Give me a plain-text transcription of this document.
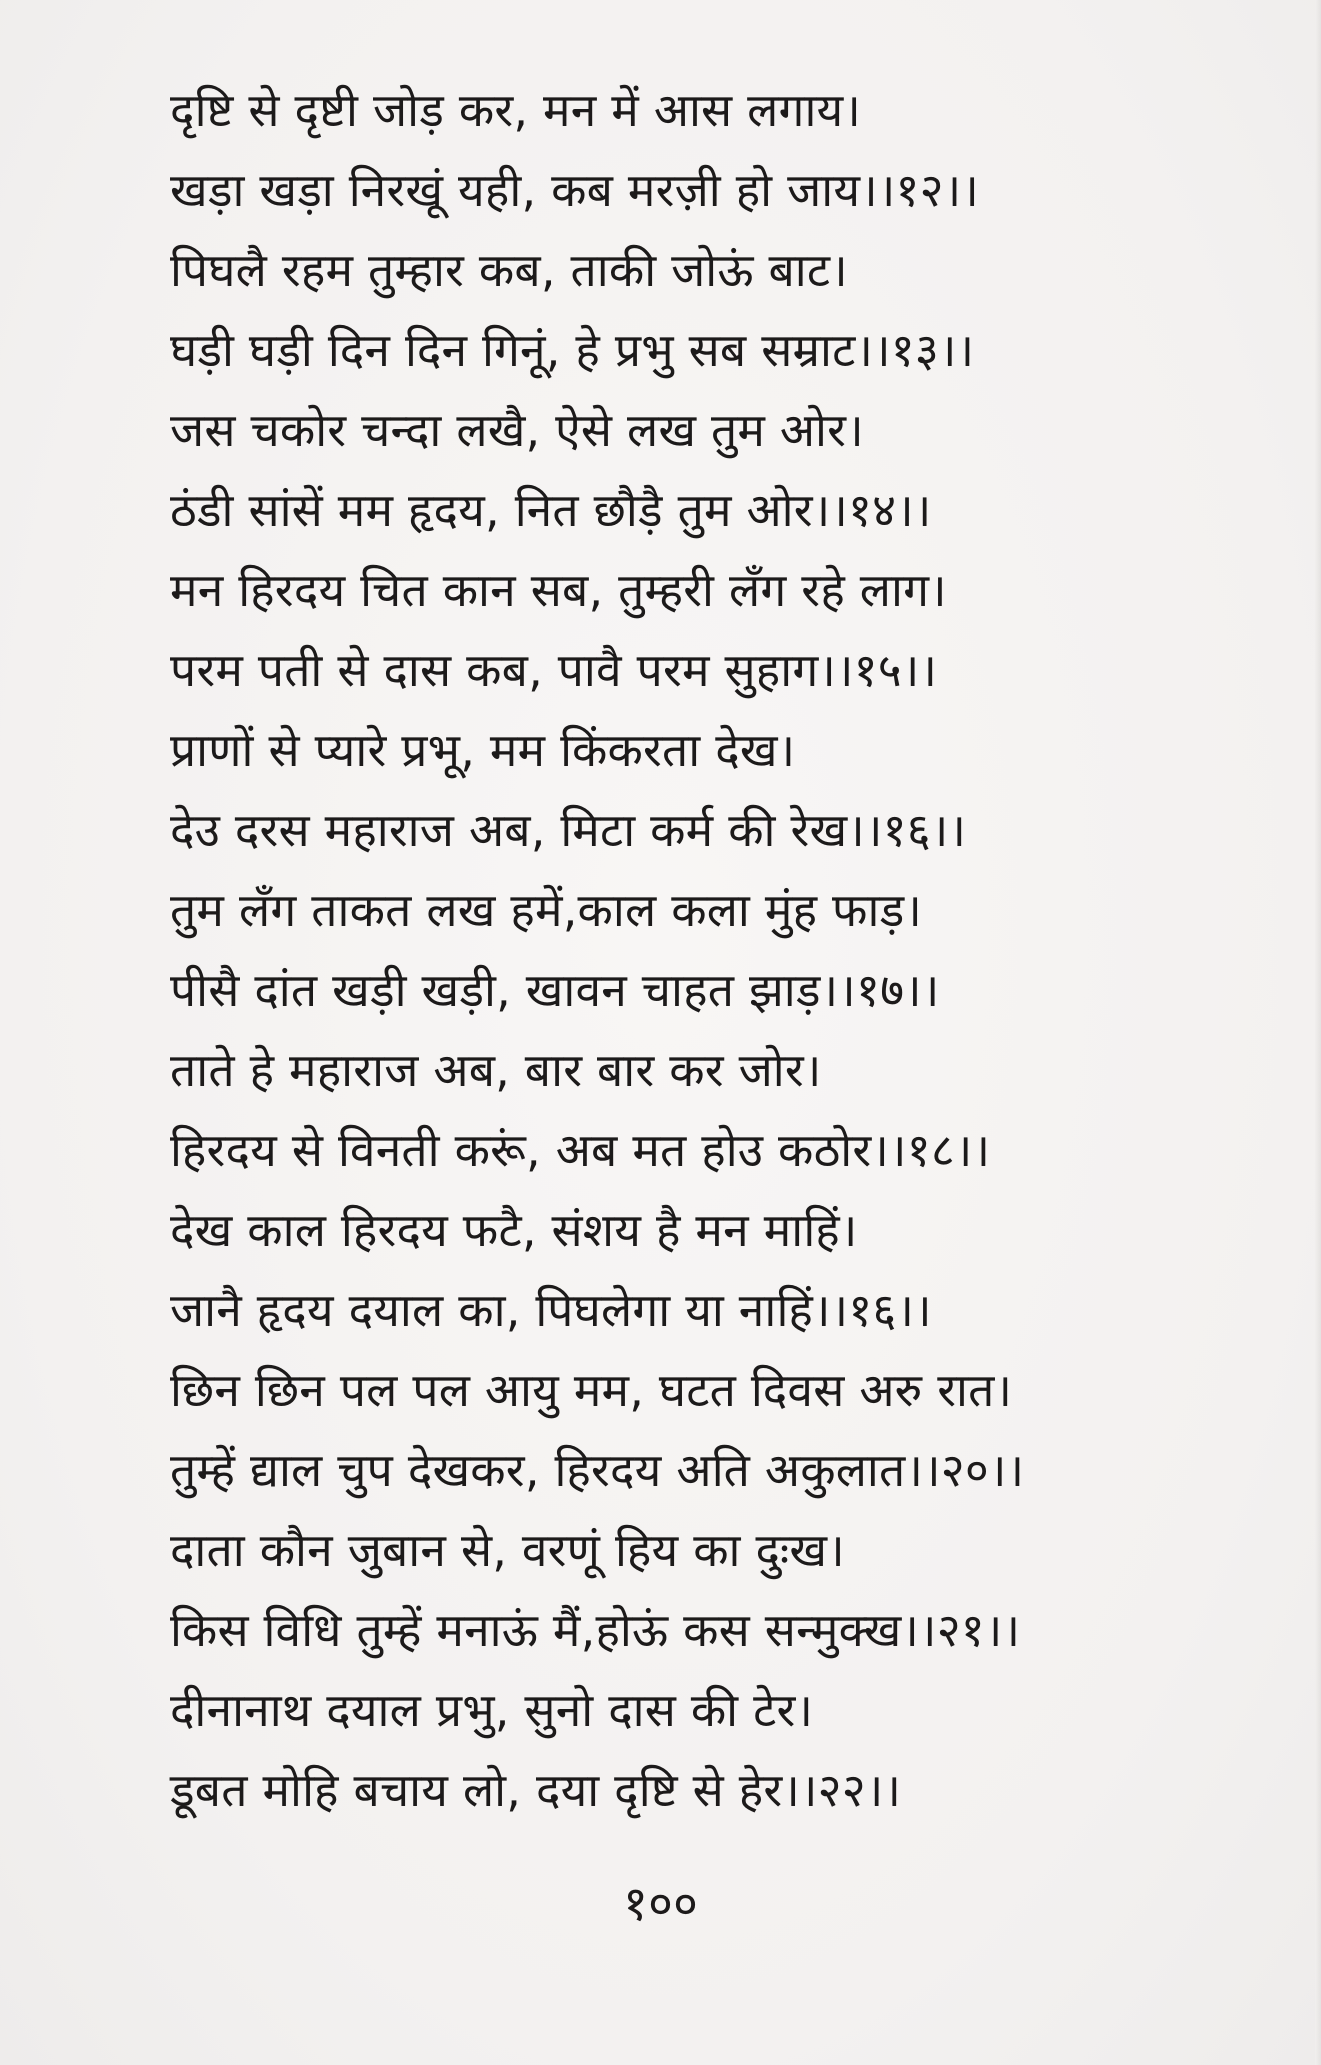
दृष्टि से दृष्टी जोड़ कर, मन में आस लगाय।
खड़ा खड़ा निरखूं यही, कब मरज़ी हो जाय।।१२।।
पिघलै रहम तुम्हार कब, ताकी जोऊं बाट।
घड़ी घड़ी दिन दिन गिनूं, हे प्रभु सब सम्राट।।१३।।
जस चकोर चन्दा लखै, ऐसे लख तुम ओर।
ठंडी सांसें मम हृदय, नित छौड़ै तुम ओर।।१४।।
मन हिरदय चित कान सब, तुम्हरी लँग रहे लाग।
परम पती से दास कब, पावै परम सुहाग।।१५।।
प्राणों से प्यारे प्रभू, मम किंकरता देख।
देउ दरस महाराज अब, मिटा कर्म की रेख।।१६।।
तुम लँग ताकत लख हमें,काल कला मुंह फाड़।
पीसै दांत खड़ी खड़ी, खावन चाहत झाड़।।१७।।
ताते हे महाराज अब, बार बार कर जोर।
हिरदय से विनती करूं, अब मत होउ कठोर।।१८।।
देख काल हिरदय फटै, संशय है मन माहिं।
जानै हृदय दयाल का, पिघलेगा या नाहिं।।१६।।
छिन छिन पल पल आयु मम, घटत दिवस अरु रात।
तुम्हें द्याल चुप देखकर, हिरदय अति अकुलात।।२०।।
दाता कौन जुबान से, वरणूं हिय का दुःख।
किस विधि तुम्हें मनाऊं मैं,होऊं कस सन्मुक्ख।।२१।।
दीनानाथ दयाल प्रभु, सुनो दास की टेर।
डूबत मोहि बचाय लो, दया दृष्टि से हेर।।२२।।
१००
